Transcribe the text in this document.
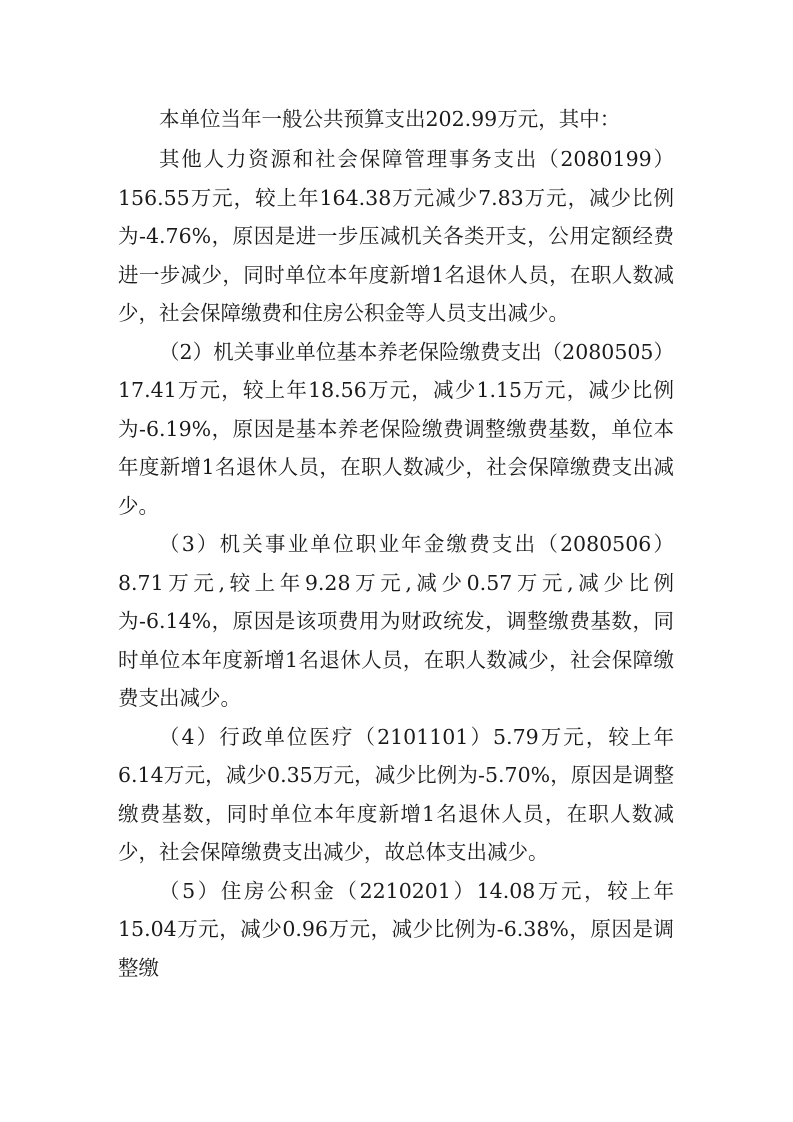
本单位当年一般公共预算支出202.99万元，其中：

其他人力资源和社会保障管理事务支出（2080199）156.55万元，较上年164.38万元减少7.83万元，减少比例为-4.76%，原因是进一步压减机关各类开支，公用定额经费进一步减少，同时单位本年度新增1名退休人员，在职人数减少，社会保障缴费和住房公积金等人员支出减少。

（2）机关事业单位基本养老保险缴费支出（2080505）17.41万元，较上年18.56万元，减少1.15万元，减少比例为-6.19%，原因是基本养老保险缴费调整缴费基数，单位本年度新增1名退休人员，在职人数减少，社会保障缴费支出减少。

（3）机关事业单位职业年金缴费支出（2080506）8.71万元,较上年9.28万元,减少0.57万元,减少比例为-6.14%，原因是该项费用为财政统发，调整缴费基数，同时单位本年度新增1名退休人员，在职人数减少，社会保障缴费支出减少。

（4）行政单位医疗（2101101）5.79万元，较上年6.14万元，减少0.35万元，减少比例为-5.70%，原因是调整缴费基数，同时单位本年度新增1名退休人员，在职人数减少，社会保障缴费支出减少，故总体支出减少。

（5）住房公积金（2210201）14.08万元，较上年15.04万元，减少0.96万元，减少比例为-6.38%，原因是调整缴
